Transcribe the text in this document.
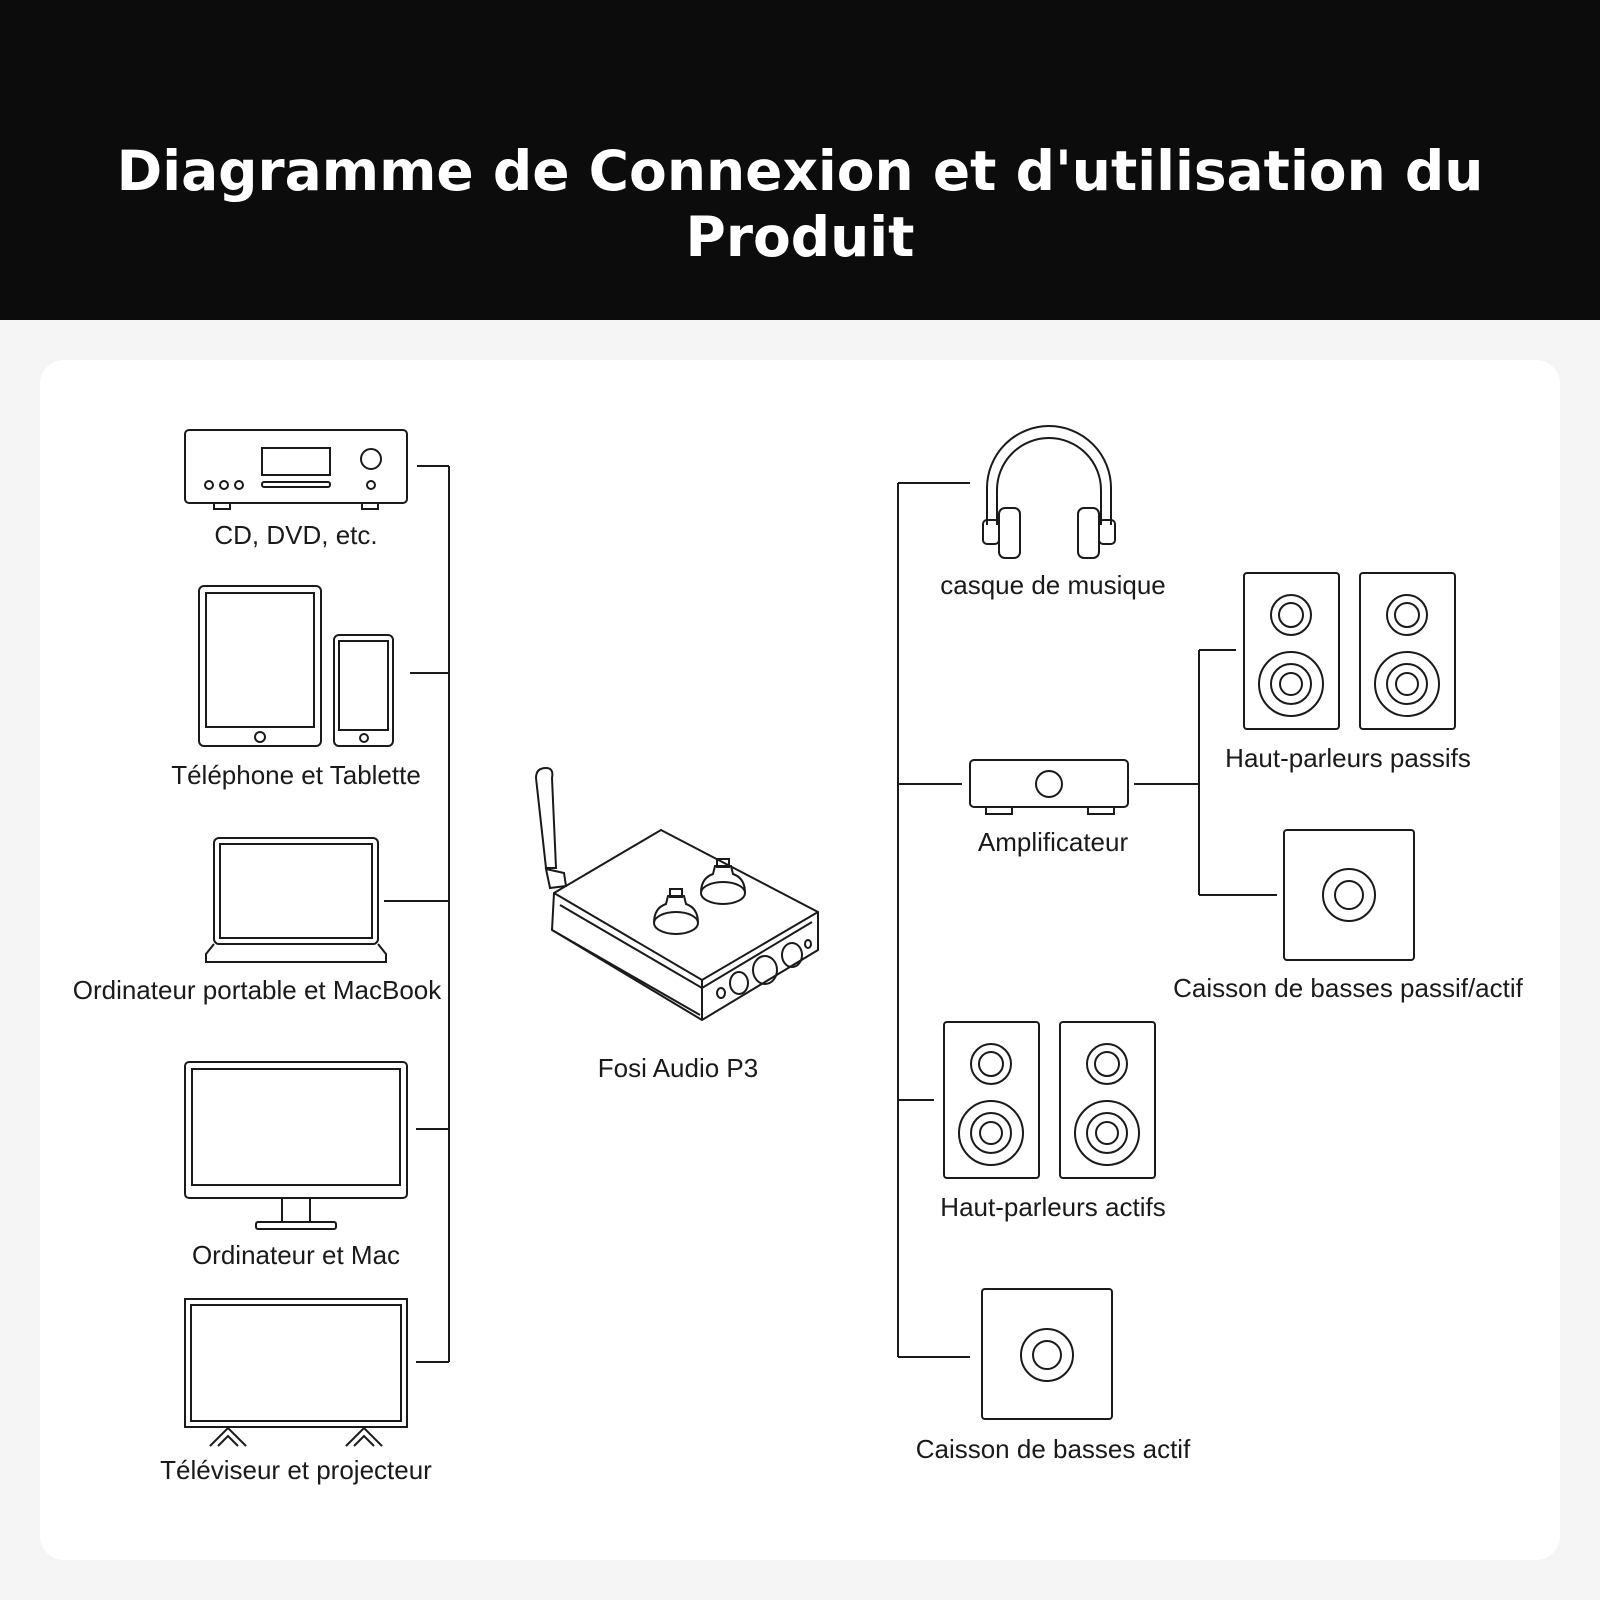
Diagramme de Connexion et d'utilisation du Produit
CD, DVD, etc.
Téléphone et Tablette
Ordinateur portable et MacBook
Ordinateur et Mac
Téléviseur et projecteur
Fosi Audio P3
casque de musique
Amplificateur
Haut-parleurs passifs
Caisson de basses passif/actif
Haut-parleurs actifs
Caisson de basses actif
